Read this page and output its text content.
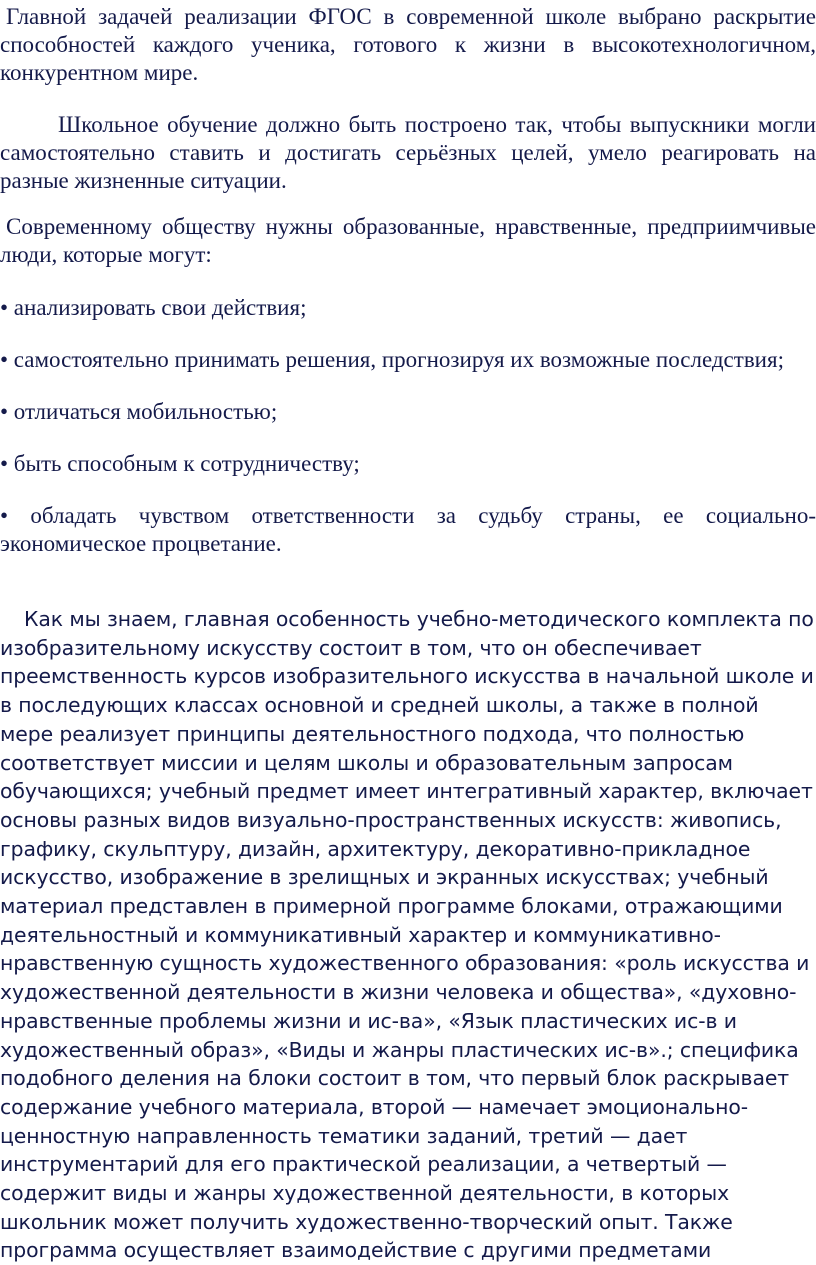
Главной задачей реализации ФГОС в современной школе выбрано раскрытие способностей каждого ученика, готового к жизни в высокотехнологичном, конкурентном мире.

Школьное обучение должно быть построено так, чтобы выпускники могли самостоятельно ставить и достигать серьёзных целей, умело реагировать на разные жизненные ситуации.

Современному обществу нужны образованные, нравственные, предприимчивые люди, которые могут:

• анализировать свои действия;

• самостоятельно принимать решения, прогнозируя их возможные последствия;

• отличаться мобильностью;

• быть способным к сотрудничеству;

• обладать чувством ответственности за судьбу страны, ее социально-экономическое процветание.

Как мы знаем, главная особенность учебно-методического комплекта по изобразительному искусству состоит в том, что он обеспечивает преемственность курсов изобразительного искусства в начальной школе и в последующих классах основной и средней школы, а также в полной мере реализует принципы деятельностного подхода, что полностью соответствует миссии и целям школы и образовательным запросам обучающихся; учебный предмет имеет интегративный характер, включает основы разных видов визуально-пространственных искусств: живопись, графику, скульптуру, дизайн, архитектуру, декоративно-прикладное искусство, изображение в зрелищных и экранных искусствах; учебный материал представлен в примерной программе блоками, отражающими деятельностный и коммуникативный характер и коммуникативно-нравственную сущность художественного образования: «роль искусства и художественной деятельности в жизни человека и общества», «духовно-нравственные проблемы жизни и ис-ва», «Язык пластических ис-в и художественный образ», «Виды и жанры пластических ис-в».; специфика подобного деления на блоки состоит в том, что первый блок раскрывает содержание учебного материала, второй — намечает эмоционально-ценностную направленность тематики заданий, третий — дает инструментарий для его практической реализации, а четвертый — содержит виды и жанры художественной деятельности, в которых школьник может получить художественно-творческий опыт. Также программа осуществляет взаимодействие с другими предметами
